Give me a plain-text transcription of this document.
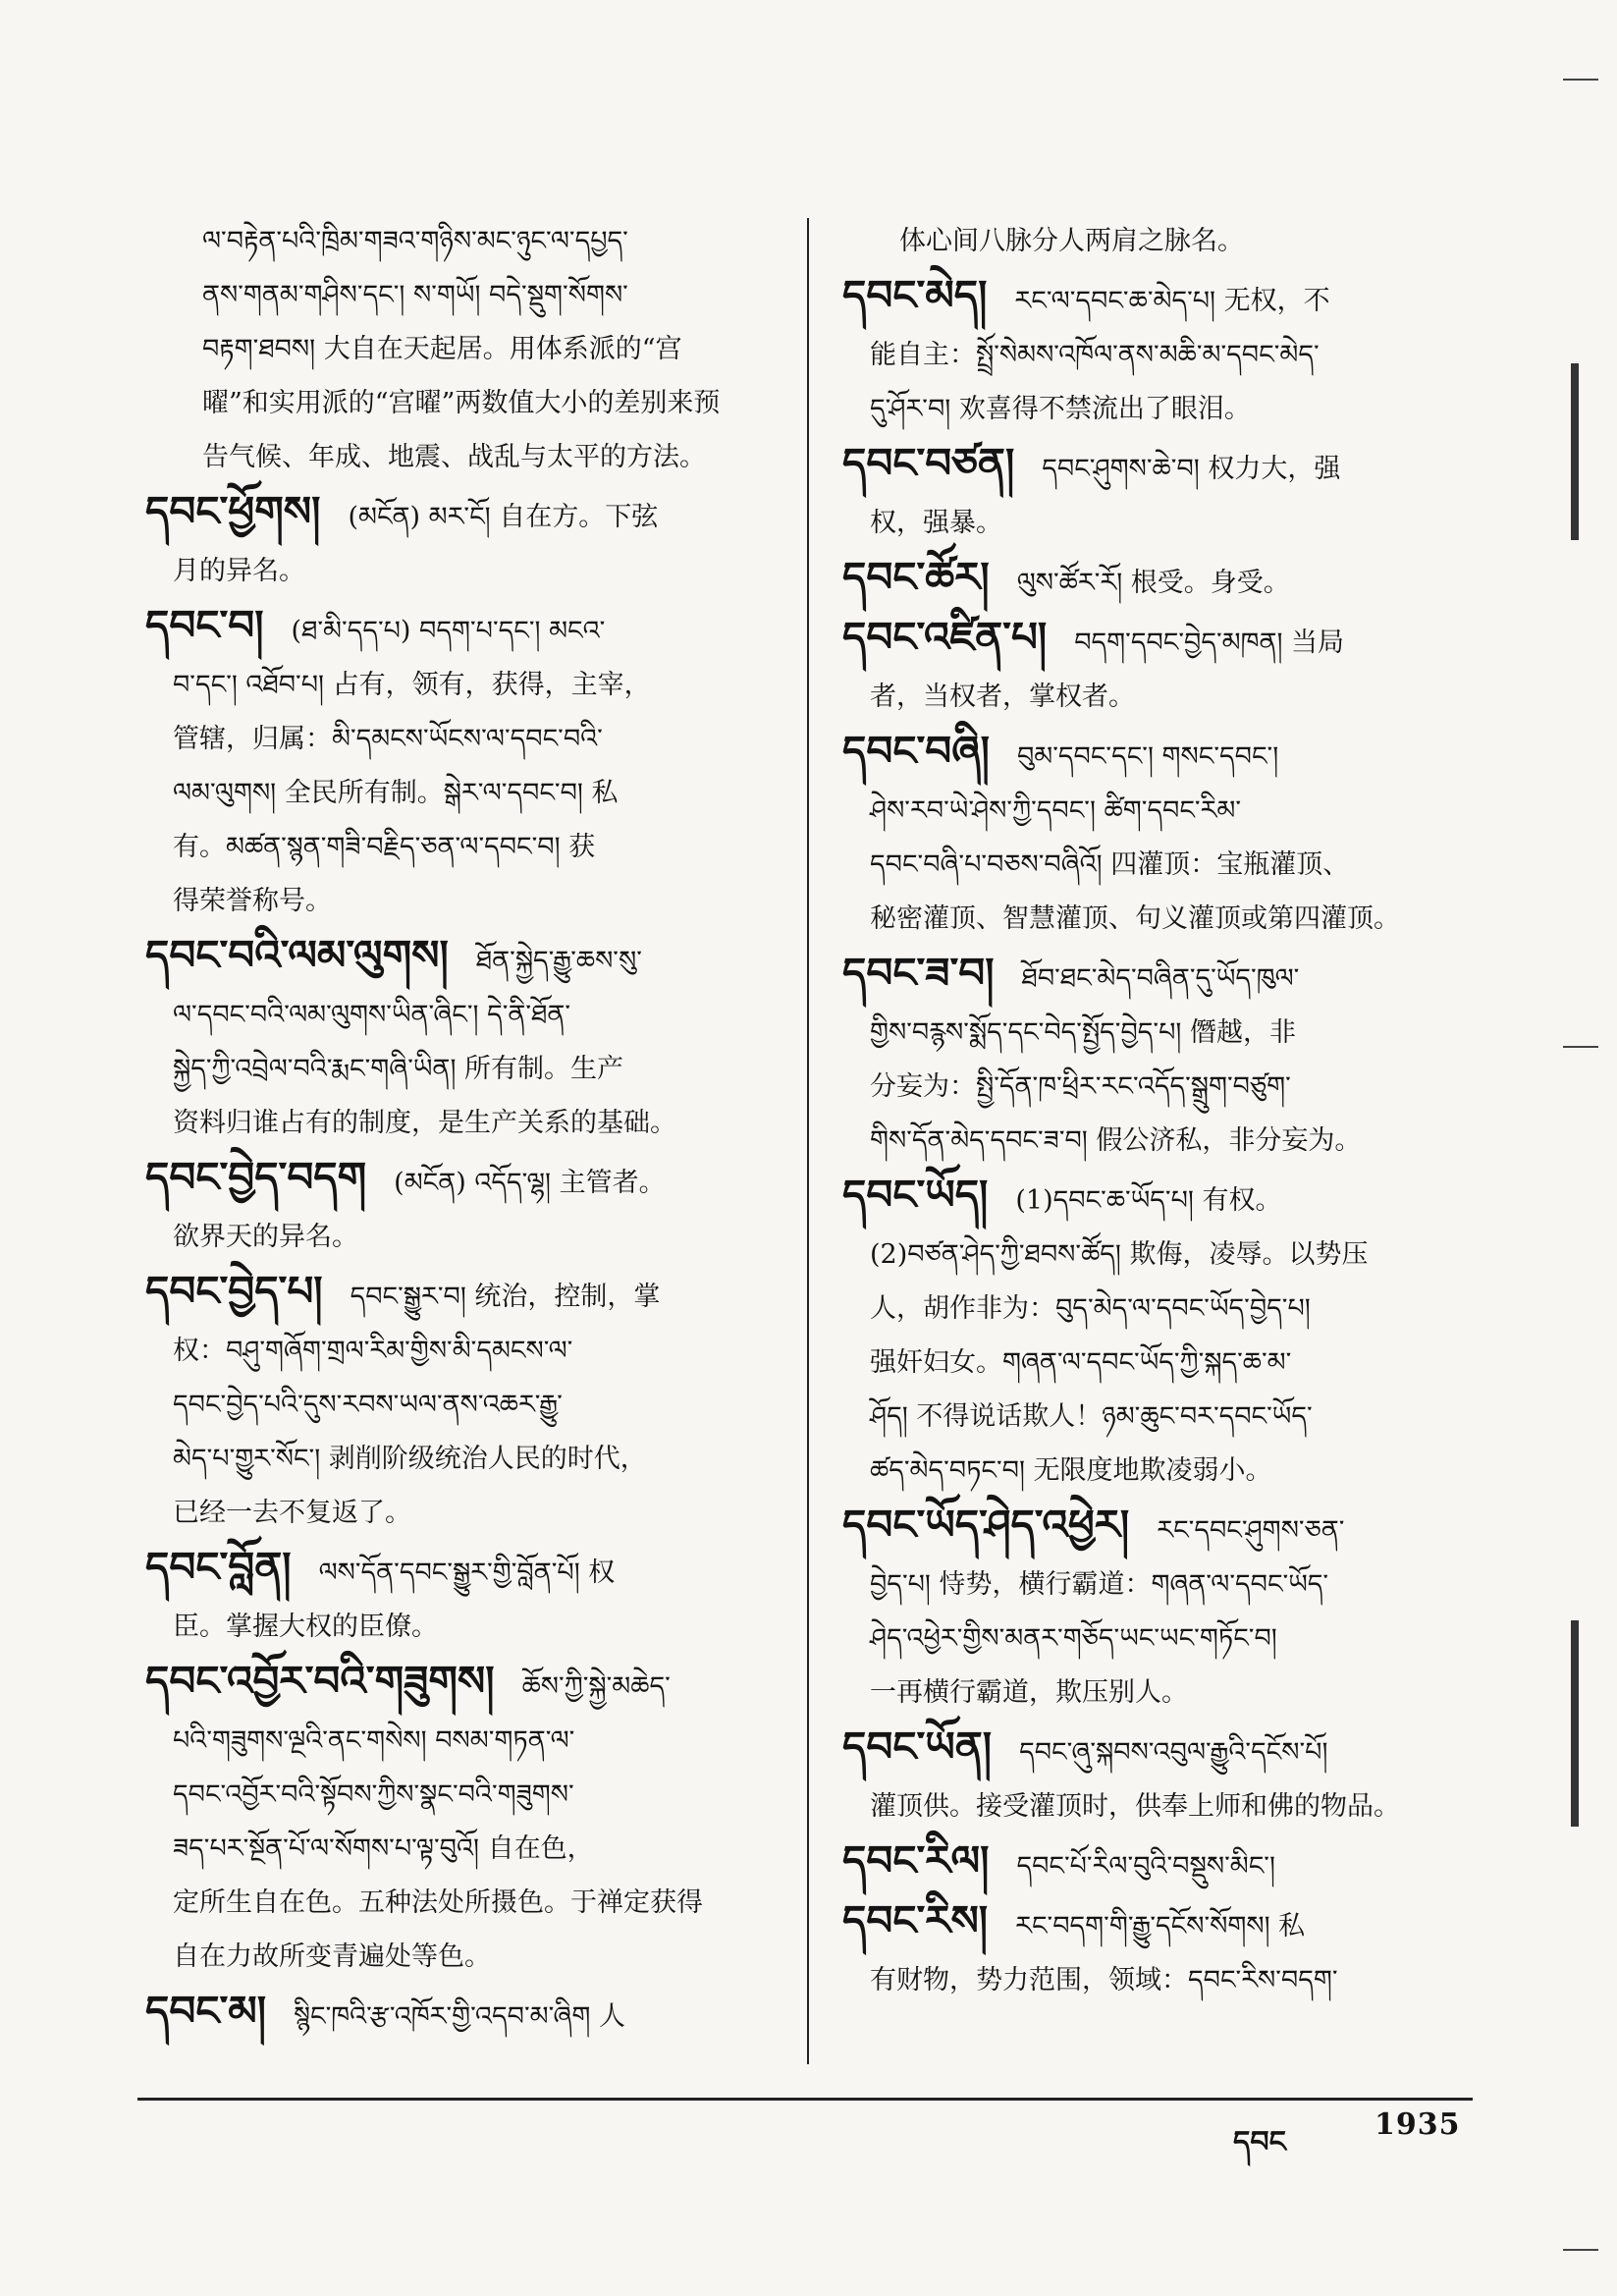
ལ་བརྟེན་པའི་ཁྲིམ་གཟའ་གཉིས་མང་ཉུང་ལ་དཔྱད་
ནས་གནམ་གཤིས་དང་། ས་གཡོ། བདེ་སྡུག་སོགས་
བརྟག་ཐབས། 大自在天起居。用体系派的“宫
曜”和实用派的“宫曜”两数值大小的差别来预
告气候、年成、地震、战乱与太平的方法。

དབང་ཕྱོགས། (མངོན) མར་ངོ། 自在方。下弦
月的异名。

དབང་བ། (ཐ་མི་དད་པ) བདག་པ་དང་། མངའ་
བ་དང་། འཐོབ་པ། 占有，领有，获得，主宰，
管辖，归属：མི་དམངས་ཡོངས་ལ་དབང་བའི་
ལམ་ལུགས། 全民所有制。སྒེར་ལ་དབང་བ། 私
有。མཚན་སྙན་གཟི་བརྗིད་ཅན་ལ་དབང་བ། 获
得荣誉称号。

དབང་བའི་ལམ་ལུགས། ཐོན་སྐྱེད་རྒྱུ་ཆས་སུ་
ལ་དབང་བའི་ལམ་ལུགས་ཡིན་ཞིང་། དེ་ནི་ཐོན་
སྐྱེད་ཀྱི་འབྲེལ་བའི་རྨང་གཞི་ཡིན། 所有制。生产
资料归谁占有的制度，是生产关系的基础。

དབང་བྱེད་བདག (མངོན) འདོད་ལྷ། 主管者。
欲界天的异名。

དབང་བྱེད་པ། དབང་སྒྱུར་བ། 统治，控制，掌
权：བཤུ་གཞོག་གྲལ་རིམ་གྱིས་མི་དམངས་ལ་
དབང་བྱེད་པའི་དུས་རབས་ཡལ་ནས་འཆར་རྒྱུ་
མེད་པ་གྱུར་སོང་། 剥削阶级统治人民的时代，
已经一去不复返了。

དབང་བློན། ལས་དོན་དབང་སྒྱུར་གྱི་བློན་པོ། 权
臣。掌握大权的臣僚。

དབང་འབྱོར་བའི་གཟུགས། ཆོས་ཀྱི་སྐྱེ་མཆེད་
པའི་གཟུགས་ལྔའི་ནང་གསེས། བསམ་གཏན་ལ་
དབང་འབྱོར་བའི་སྟོབས་ཀྱིས་སྣང་བའི་གཟུགས་
ཟད་པར་སྔོན་པོ་ལ་སོགས་པ་ལྟ་བུའོ། 自在色，
定所生自在色。五种法处所摄色。于禅定获得
自在力故所变青遍处等色。

དབང་མ། སྙིང་ཁའི་རྩ་འཁོར་གྱི་འདབ་མ་ཞིག 人

体心间八脉分人两肩之脉名。

དབང་མེད། རང་ལ་དབང་ཆ་མེད་པ། 无权，不
能自主：སྤྲོ་སེམས་འཁོལ་ནས་མཆི་མ་དབང་མེད་
དུ་ཤོར་བ། 欢喜得不禁流出了眼泪。

དབང་བཙན། དབང་ཤུགས་ཆེ་བ། 权力大，强
权，强暴。

དབང་ཚོར། ལུས་ཚོར་རོ། 根受。身受。

དབང་འཛིན་པ། བདག་དབང་བྱེད་མཁན། 当局
者，当权者，掌权者。

དབང་བཞི། བུམ་དབང་དང་། གསང་དབང་།
ཤེས་རབ་ཡེ་ཤེས་ཀྱི་དབང་། ཚིག་དབང་རིམ་
དབང་བཞི་པ་བཅས་བཞིའོ། 四灌顶：宝瓶灌顶、
秘密灌顶、智慧灌顶、句义灌顶或第四灌顶。

དབང་ཟ་བ། ཐོབ་ཐང་མེད་བཞིན་དུ་ཡོད་ཁུལ་
གྱིས་བརྙས་སྨོད་དང་བེད་སྤྱོད་བྱེད་པ། 僭越，非
分妄为：སྤྱི་དོན་ཁ་ཕྲིར་རང་འདོད་སྒྲུག་བཙུག་
གིས་དོན་མེད་དབང་ཟ་བ། 假公济私，非分妄为。

དབང་ཡོད། (1)དབང་ཆ་ཡོད་པ། 有权。
(2)བཙན་ཤེད་ཀྱི་ཐབས་ཚོད། 欺侮，凌辱。以势压
人，胡作非为：བུད་མེད་ལ་དབང་ཡོད་བྱེད་པ།
强奸妇女。གཞན་ལ་དབང་ཡོད་ཀྱི་སྐད་ཆ་མ་
ཤོད། 不得说话欺人！ཉམ་ཆུང་བར་དབང་ཡོད་
ཚད་མེད་བཏང་བ། 无限度地欺凌弱小。

དབང་ཡོད་ཤེད་འཕྱེར། རང་དབང་ཤུགས་ཅན་
བྱེད་པ། 恃势，横行霸道：གཞན་ལ་དབང་ཡོད་
ཤེད་འཕྱེར་གྱིས་མནར་གཅོད་ཡང་ཡང་གཏོང་བ།
一再横行霸道，欺压别人。

དབང་ཡོན། དབང་ཞུ་སྐབས་འབུལ་རྒྱུའི་དངོས་པོ།
灌顶供。接受灌顶时，供奉上师和佛的物品。

དབང་རིལ། དབང་པོ་རིལ་བུའི་བསྡུས་མིང་།

དབང་རིས། རང་བདག་གི་རྒྱུ་དངོས་སོགས། 私
有财物，势力范围，领域：དབང་རིས་བདག་

དབང
1935
